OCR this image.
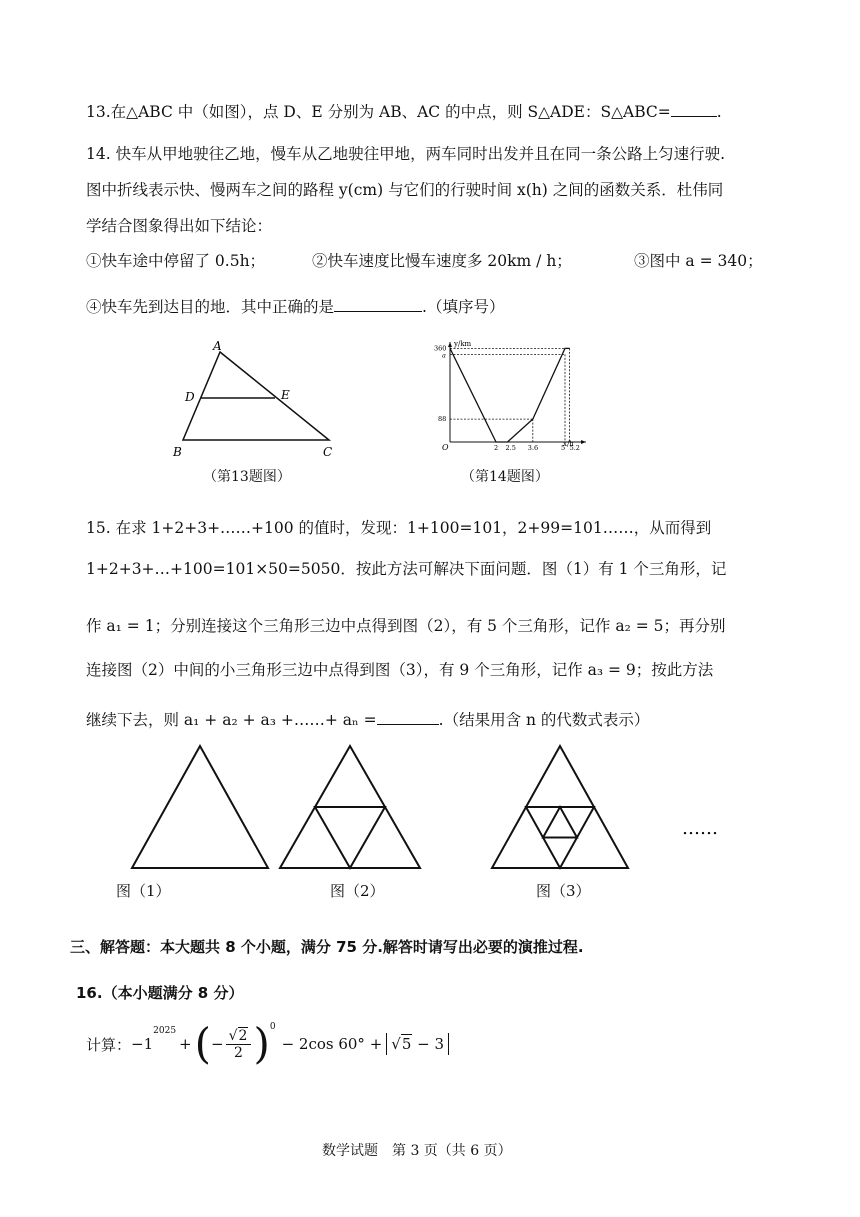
13.在△ABC 中（如图），点 D、E 分别为 AB、AC 的中点，则 S△ADE：S△ABC=	.
14. 快车从甲地驶往乙地，慢车从乙地驶往甲地，两车同时出发并且在同一条公路上匀速行驶.
图中折线表示快、慢两车之间的路程 y(cm) 与它们的行驶时间 x(h) 之间的函数关系．杜伟同
学结合图象得出如下结论：
①快车途中停留了 0.5h；	②快车速度比慢车速度多 20km / h；	③图中 a = 340；
④快车先到达目的地．其中正确的是	.（填序号）
A
D	E
B	C
（第13题图）
y/km
x/h
O
360
a
88
2 2.5 3.6	5 5.2
（第14题图）
15. 在求 1+2+3+……+100 的值时，发现：1+100=101，2+99=101……，从而得到
1+2+3+…+100=101×50=5050．按此方法可解决下面问题．图（1）有 1 个三角形，记
作 a₁ = 1；分别连接这个三角形三边中点得到图（2），有 5 个三角形，记作 a₂ = 5；再分别
连接图（2）中间的小三角形三边中点得到图（3），有 9 个三角形，记作 a₃ = 9；按此方法
继续下去，则 a₁ + a₂ + a₃ +……+ aₙ =	.（结果用含 n 的代数式表示）
……
图（1）	图（2）	图（3）
三、解答题：本大题共 8 个小题，满分 75 分.解答时请写出必要的演推过程.
16.（本小题满分 8 分）
计算： −1
$^{2025}$
+ ( − $\frac{√2}{2} )^0$
− 2cos 60° + √5 − 3
数学试题　第 3 页（共 6 页）
